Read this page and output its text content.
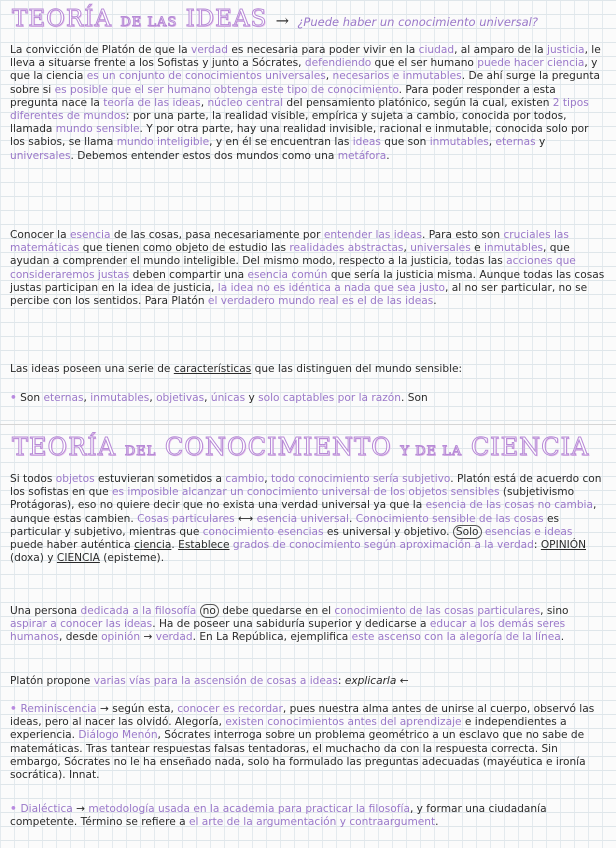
TEORÍA DE LAS IDEAS → ¿Puede haber un conocimiento universal?

La convicción de Platón de que la verdad es necesaria para poder vivir en la ciudad, al amparo de la justicia, le lleva a situarse frente a los Sofistas y junto a Sócrates, defendiendo que el ser humano puede hacer ciencia, y que la ciencia es un conjunto de conocimientos universales, necesarios e inmutables. De ahí surge la pregunta sobre si es posible que el ser humano obtenga este tipo de conocimiento. Para poder responder a esta pregunta nace la teoría de las ideas, núcleo central del pensamiento platónico, según la cual, existen 2 tipos diferentes de mundos: por una parte, la realidad visible, empírica y sujeta a cambio, conocida por todos, llamada mundo sensible. Y por otra parte, hay una realidad invisible, racional e inmutable, conocida solo por los sabios, se llama mundo inteligible, y en él se encuentran las ideas que son inmutables, eternas y universales. Debemos entender estos dos mundos como una metáfora.

Conocer la esencia de las cosas, pasa necesariamente por entender las ideas. Para esto son cruciales las matemáticas que tienen como objeto de estudio las realidades abstractas, universales e inmutables, que ayudan a comprender el mundo inteligible. Del mismo modo, respecto a la justicia, todas las acciones que consideraremos justas deben compartir una esencia común que sería la justicia misma. Aunque todas las cosas justas participan en la idea de justicia, la idea no es idéntica a nada que sea justo, al no ser particular, no se percibe con los sentidos. Para Platón el verdadero mundo real es el de las ideas.

Las ideas poseen una serie de características que las distinguen del mundo sensible:

• Son eternas, inmutables, objetivas, únicas y solo captables por la razón. Son

TEORÍA DEL CONOCIMIENTO Y DE LA CIENCIA

Si todos objetos estuvieran sometidos a cambio, todo conocimiento sería subjetivo. Platón está de acuerdo con los sofistas en que es imposible alcanzar un conocimiento universal de los objetos sensibles (subjetivismo Protágoras), eso no quiere decir que no exista una verdad universal ya que la esencia de las cosas no cambia, aunque estas cambien. Cosas particulares ⟷ esencia universal. Conocimiento sensible de las cosas es particular y subjetivo, mientras que conocimiento esencias es universal y objetivo. Solo esencias e ideas puede haber auténtica ciencia. Establece grados de conocimiento según aproximación a la verdad: OPINIÓN (doxa) y CIENCIA (episteme).

Una persona dedicada a la filosofía no debe quedarse en el conocimiento de las cosas particulares, sino aspirar a conocer las ideas. Ha de poseer una sabiduría superior y dedicarse a educar a los demás seres humanos, desde opinión → verdad. En La República, ejemplifica este ascenso con la alegoría de la línea.

Platón propone varias vías para la ascensión de cosas a ideas: explicarla ←

• Reminiscencia → según esta, conocer es recordar, pues nuestra alma antes de unirse al cuerpo, observó las ideas, pero al nacer las olvidó. Alegoría, existen conocimientos antes del aprendizaje e independientes a experiencia. Diálogo Menón, Sócrates interroga sobre un problema geométrico a un esclavo que no sabe de matemáticas. Tras tantear respuestas falsas tentadoras, el muchacho da con la respuesta correcta. Sin embargo, Sócrates no le ha enseñado nada, solo ha formulado las preguntas adecuadas (mayéutica e ironía socrática). Innat.

• Dialéctica → metodología usada en la academia para practicar la filosofía, y formar una ciudadanía competente. Término se refiere a el arte de la argumentación y contraargument.
